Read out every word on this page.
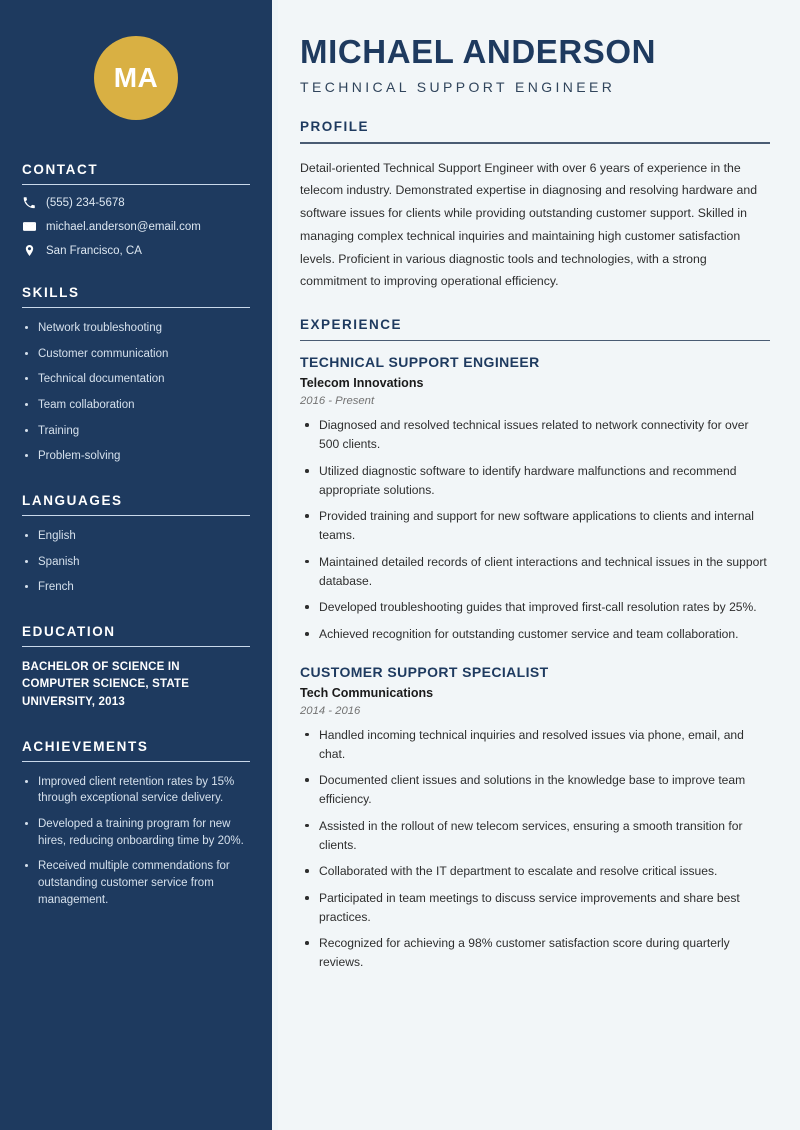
MA
CONTACT
(555) 234-5678
michael.anderson@email.com
San Francisco, CA
SKILLS
Network troubleshooting
Customer communication
Technical documentation
Team collaboration
Training
Problem-solving
LANGUAGES
English
Spanish
French
EDUCATION
BACHELOR OF SCIENCE IN COMPUTER SCIENCE, STATE UNIVERSITY, 2013
ACHIEVEMENTS
Improved client retention rates by 15% through exceptional service delivery.
Developed a training program for new hires, reducing onboarding time by 20%.
Received multiple commendations for outstanding customer service from management.
MICHAEL ANDERSON
TECHNICAL SUPPORT ENGINEER
PROFILE

Detail-oriented Technical Support Engineer with over 6 years of experience in the telecom industry. Demonstrated expertise in diagnosing and resolving hardware and software issues for clients while providing outstanding customer support. Skilled in managing complex technical inquiries and maintaining high customer satisfaction levels. Proficient in various diagnostic tools and technologies, with a strong commitment to improving operational efficiency.

EXPERIENCE
TECHNICAL SUPPORT ENGINEER
Telecom Innovations
2016 - Present
Diagnosed and resolved technical issues related to network connectivity for over 500 clients.
Utilized diagnostic software to identify hardware malfunctions and recommend appropriate solutions.
Provided training and support for new software applications to clients and internal teams.
Maintained detailed records of client interactions and technical issues in the support database.
Developed troubleshooting guides that improved first-call resolution rates by 25%.
Achieved recognition for outstanding customer service and team collaboration.
CUSTOMER SUPPORT SPECIALIST
Tech Communications
2014 - 2016
Handled incoming technical inquiries and resolved issues via phone, email, and chat.
Documented client issues and solutions in the knowledge base to improve team efficiency.
Assisted in the rollout of new telecom services, ensuring a smooth transition for clients.
Collaborated with the IT department to escalate and resolve critical issues.
Participated in team meetings to discuss service improvements and share best practices.
Recognized for achieving a 98% customer satisfaction score during quarterly reviews.
